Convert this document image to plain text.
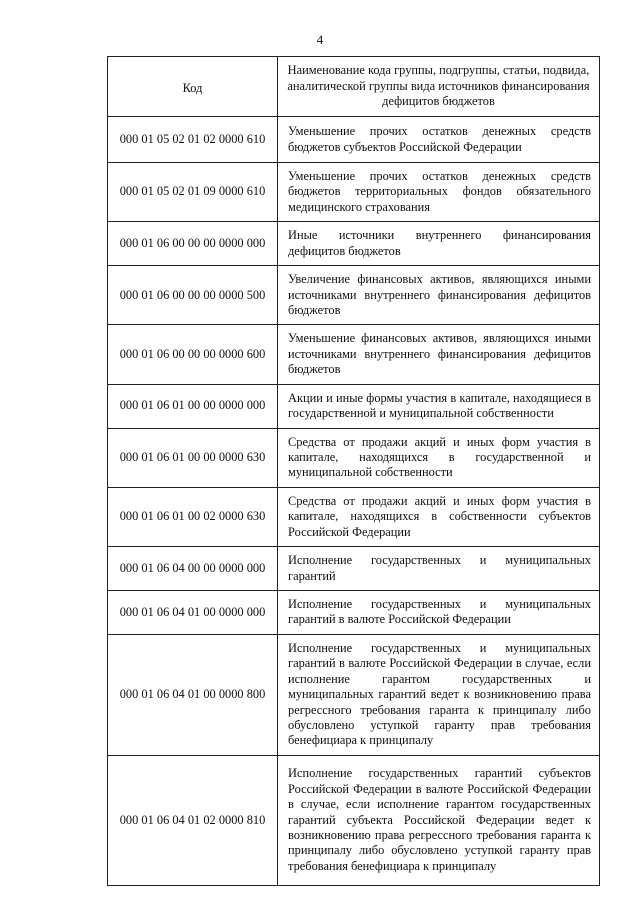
4
Код	Наименование кода группы, подгруппы, статьи, подвида, аналитической группы вида источников финансирования дефицитов бюджетов
000 01 05 02 01 02 0000 610	Уменьшение прочих остатков денежных средств бюджетов субъектов Российской Федерации
000 01 05 02 01 09 0000 610	Уменьшение прочих остатков денежных средств бюджетов территориальных фондов обязательного медицинского страхования
000 01 06 00 00 00 0000 000	Иные источники внутреннего финансирования дефицитов бюджетов
000 01 06 00 00 00 0000 500	Увеличение финансовых активов, являющихся иными источниками внутреннего финансирования дефицитов бюджетов
000 01 06 00 00 00 0000 600	Уменьшение финансовых активов, являющихся иными источниками внутреннего финансирования дефицитов бюджетов
000 01 06 01 00 00 0000 000	Акции и иные формы участия в капитале, находящиеся в государственной и муниципальной собственности
000 01 06 01 00 00 0000 630	Средства от продажи акций и иных форм участия в капитале, находящихся в государственной и муниципальной собственности
000 01 06 01 00 02 0000 630	Средства от продажи акций и иных форм участия в капитале, находящихся в собственности субъектов Российской Федерации
000 01 06 04 00 00 0000 000	Исполнение государственных и муниципальных гарантий
000 01 06 04 01 00 0000 000	Исполнение государственных и муниципальных гарантий в валюте Российской Федерации
000 01 06 04 01 00 0000 800	Исполнение государственных и муниципальных гарантий в валюте Российской Федерации в случае, если исполнение гарантом государственных и муниципальных гарантий ведет к возникновению права регрессного требования гаранта к принципалу либо обусловлено уступкой гаранту прав требования бенефициара к принципалу
000 01 06 04 01 02 0000 810	Исполнение государственных гарантий субъектов Российской Федерации в валюте Российской Федерации в случае, если исполнение гарантом государственных гарантий субъекта Российской Федерации ведет к возникновению права регрессного требования гаранта к принципалу либо обусловлено уступкой гаранту прав требования бенефициара к принципалу
